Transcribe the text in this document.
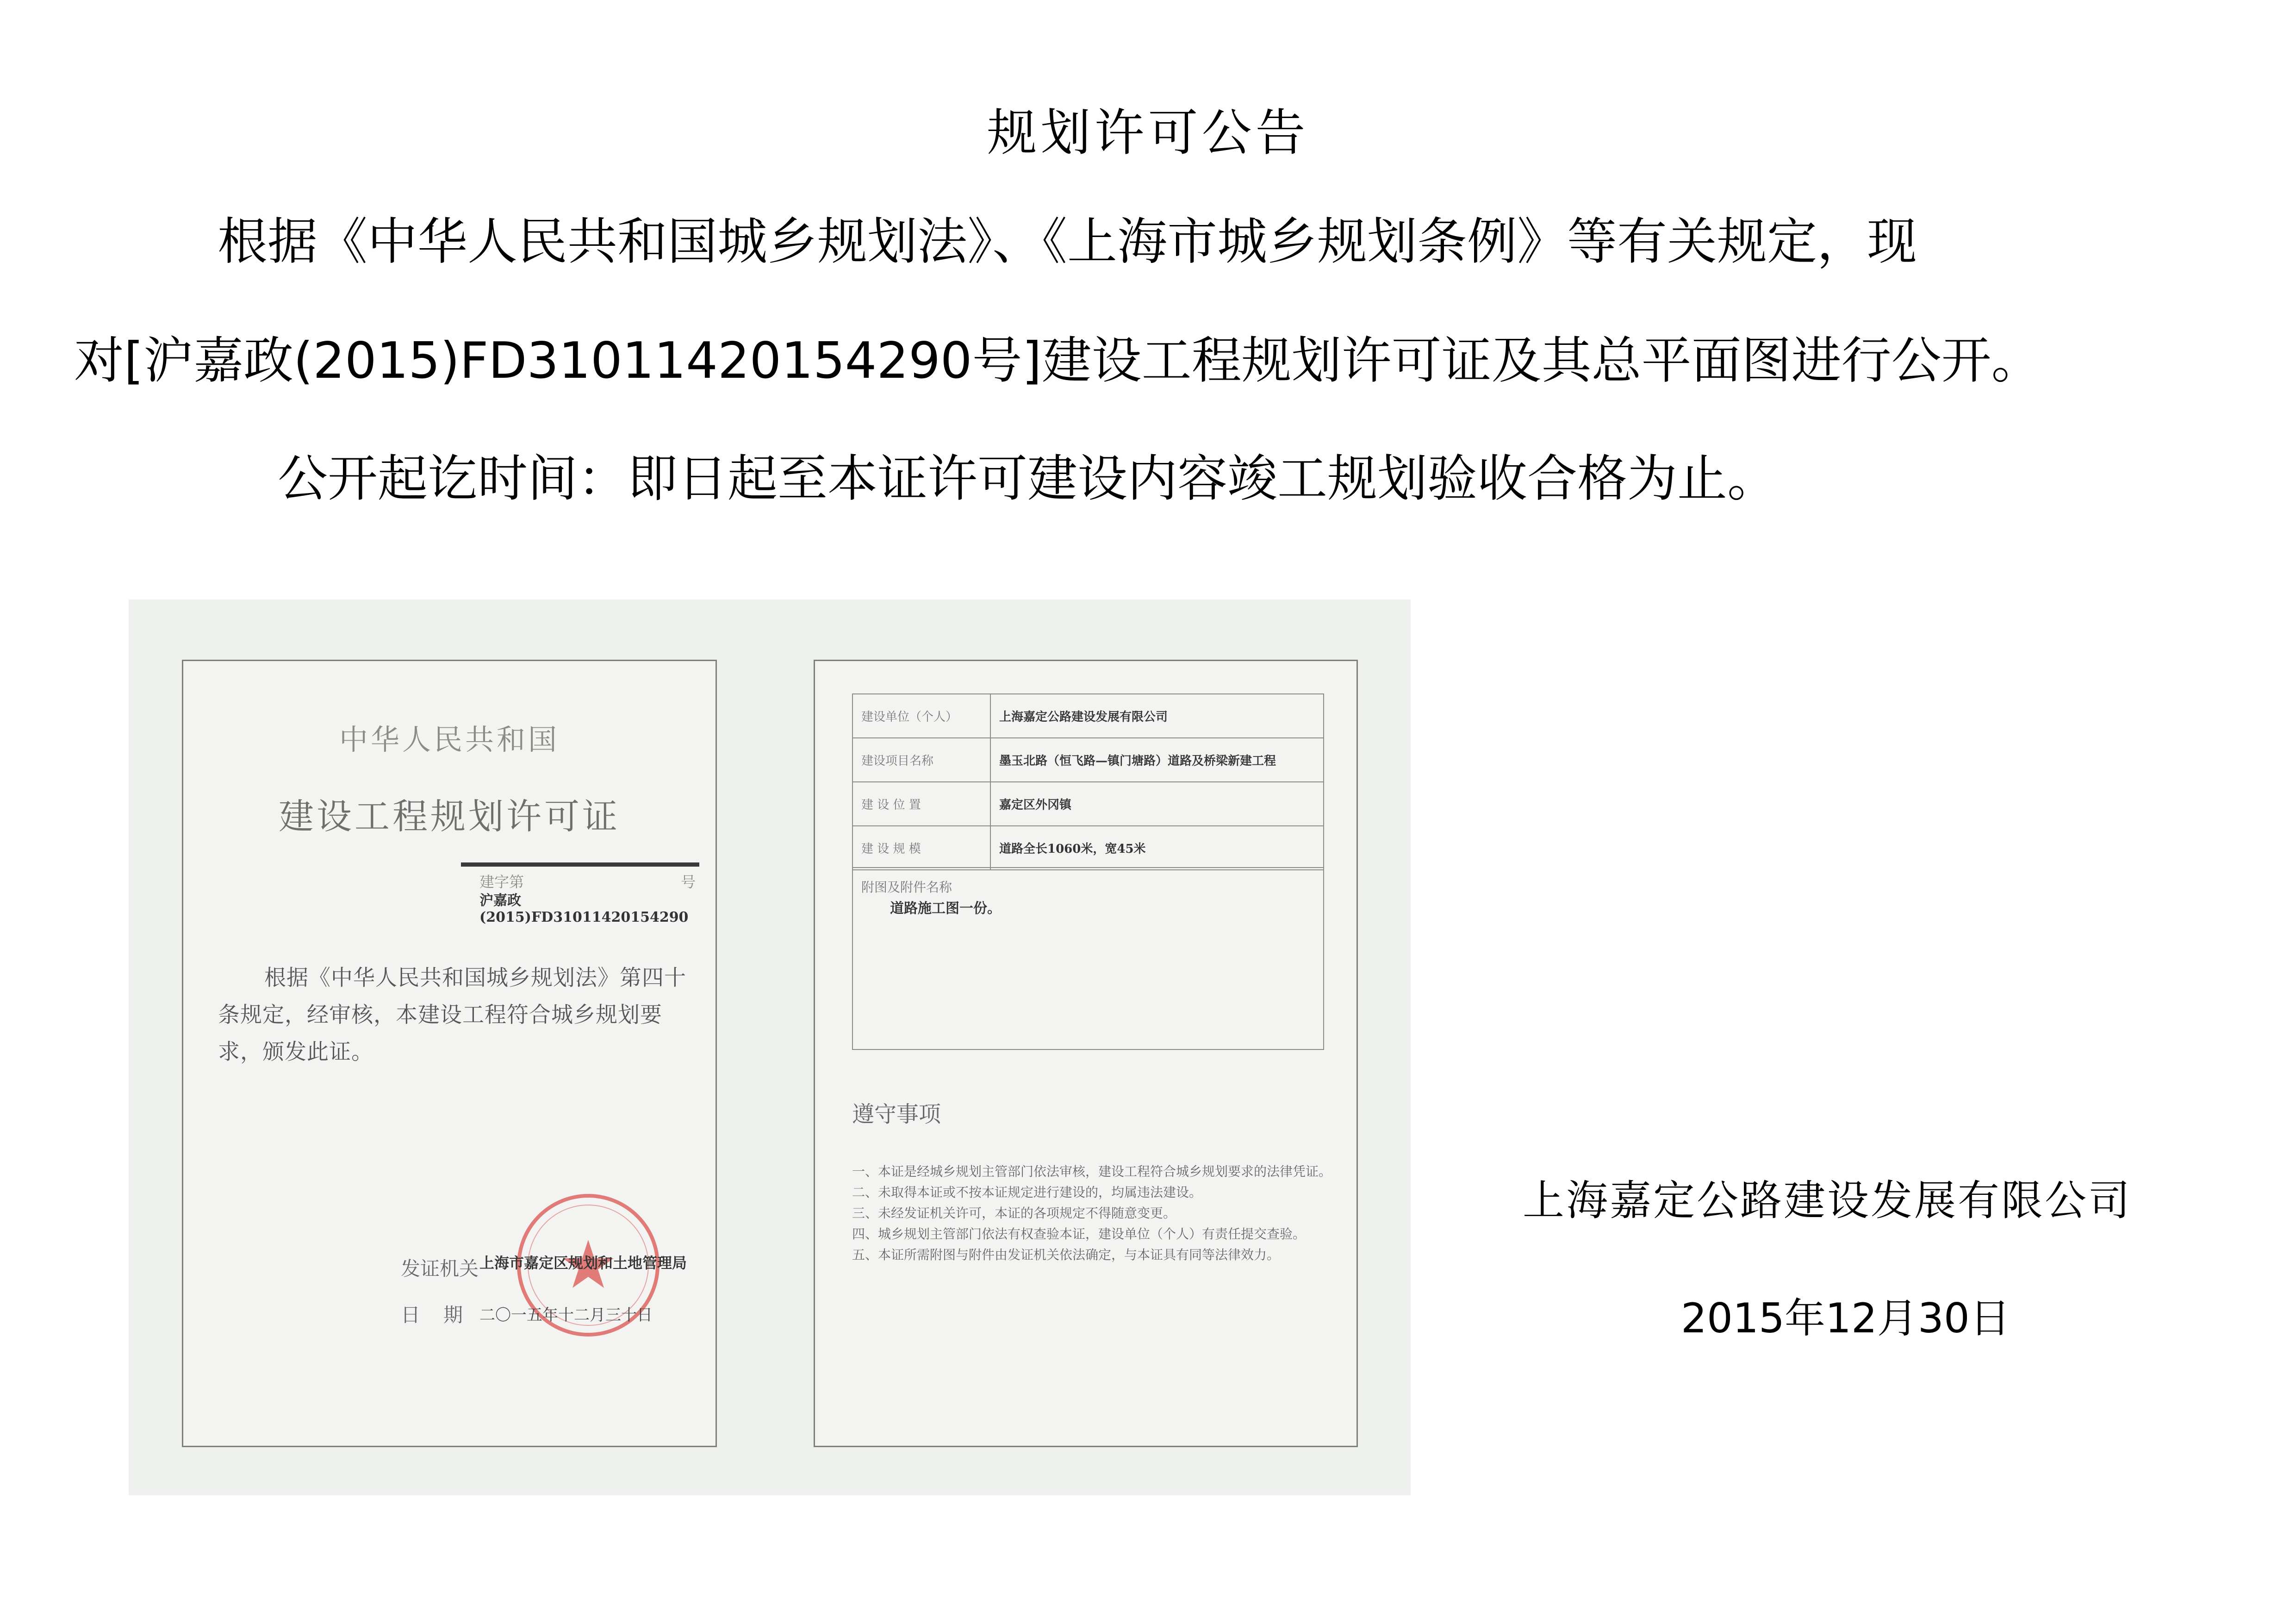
规划许可公告
根据《中华人民共和国城乡规划法》、《上海市城乡规划条例》等有关规定，现
对[沪嘉政(2015)FD31011420154290号]建设工程规划许可证及其总平面图进行公开。
公开起讫时间：即日起至本证许可建设内容竣工规划验收合格为止。
中华人民共和国
建设工程规划许可证
建字第	号
沪嘉政(2015)FD31011420154290
根据《中华人民共和国城乡规划法》第四十条规定，经审核，本建设工程符合城乡规划要求，颁发此证。
发证机关 上海市嘉定区规划和土地管理局
日期
二〇一五年十二月三十日
建设单位（个人）	上海嘉定公路建设发展有限公司
建设项目名称	墨玉北路（恒飞路—镇门塘路）道路及桥梁新建工程
建 设 位 置	嘉定区外冈镇
建 设 规 模	道路全长1060米，宽45米
附图及附件名称
道路施工图一份。
遵守事项
一、本证是经城乡规划主管部门依法审核，建设工程符合城乡规划要求的法律凭证。
二、未取得本证或不按本证规定进行建设的，均属违法建设。
三、未经发证机关许可，本证的各项规定不得随意变更。
四、城乡规划主管部门依法有权查验本证，建设单位（个人）有责任提交查验。
五、本证所需附图与附件由发证机关依法确定，与本证具有同等法律效力。
上海嘉定公路建设发展有限公司
2015年12月30日
